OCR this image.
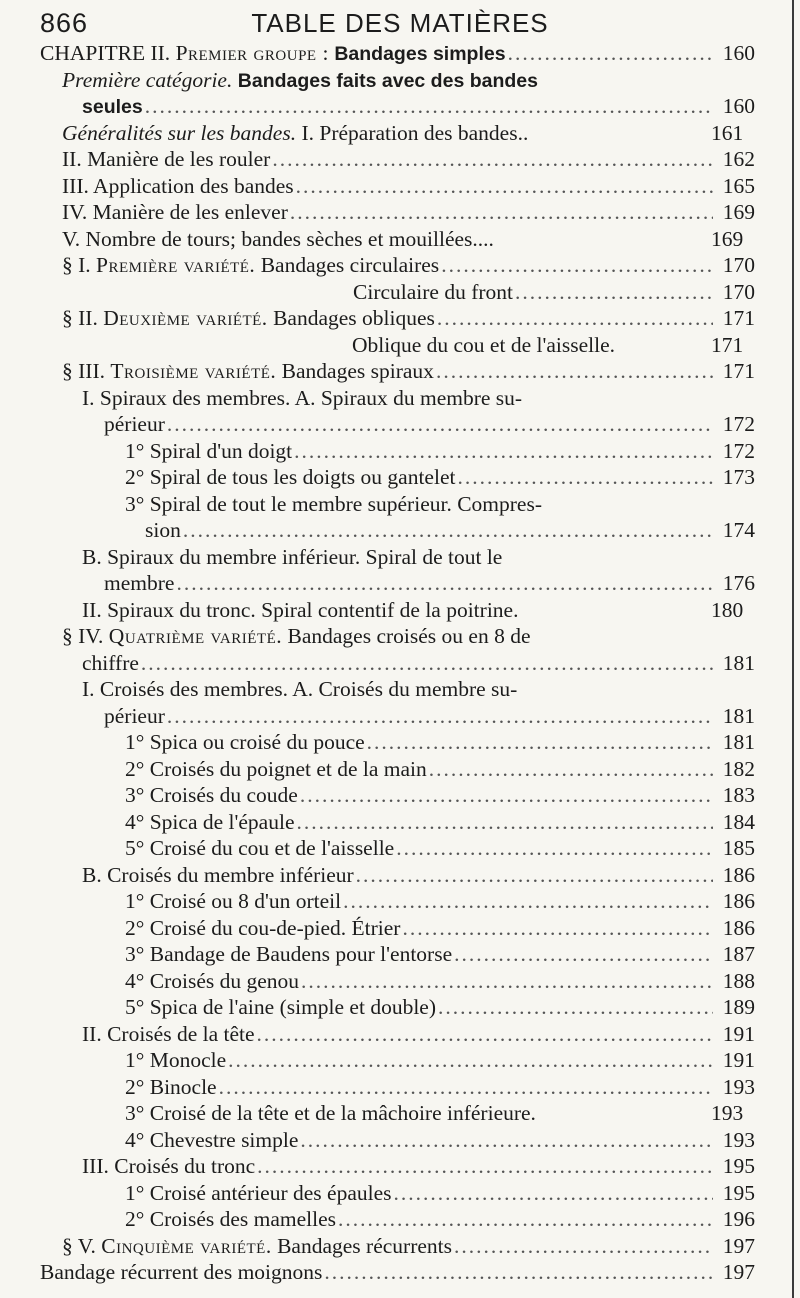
866	TABLE DES MATIÈRES
CHAPITRE II. Premier groupe : Bandages simples .....	160
Première catégorie. Bandages faits avec des bandes
seules .....	160
Généralités sur les bandes. I. Préparation des bandes..	161
II. Manière de les rouler .....	162
III. Application des bandes .....	165
IV. Manière de les enlever .....	169
V. Nombre de tours; bandes sèches et mouillées....	169
§ I. Première variété. Bandages circulaires .....	170
Circulaire du front .....	170
§ II. Deuxième variété. Bandages obliques .....	171
Oblique du cou et de l'aisselle.	171
§ III. Troisième variété. Bandages spiraux .....	171
I. Spiraux des membres. A. Spiraux du membre su-
périeur .....	172
1° Spiral d'un doigt .....	172
2° Spiral de tous les doigts ou gantelet .....	173
3° Spiral de tout le membre supérieur. Compres-
sion .....	174
B. Spiraux du membre inférieur. Spiral de tout le
membre .....	176
II. Spiraux du tronc. Spiral contentif de la poitrine.	180
§ IV. Quatrième variété. Bandages croisés ou en 8 de
chiffre .....	181
I. Croisés des membres. A. Croisés du membre su-
périeur .....	181
1° Spica ou croisé du pouce .....	181
2° Croisés du poignet et de la main .....	182
3° Croisés du coude .....	183
4° Spica de l'épaule .....	184
5° Croisé du cou et de l'aisselle .....	185
B. Croisés du membre inférieur .....	186
1° Croisé ou 8 d'un orteil .....	186
2° Croisé du cou-de-pied. Étrier .....	186
3° Bandage de Baudens pour l'entorse .....	187
4° Croisés du genou .....	188
5° Spica de l'aine (simple et double) .....	189
II. Croisés de la tête .....	191
1° Monocle .....	191
2° Binocle .....	193
3° Croisé de la tête et de la mâchoire inférieure.	193
4° Chevestre simple .....	193
III. Croisés du tronc .....	195
1° Croisé antérieur des épaules .....	195
2° Croisés des mamelles .....	196
§ V. Cinquième variété. Bandages récurrents .....	197
Bandage récurrent des moignons .....	197
